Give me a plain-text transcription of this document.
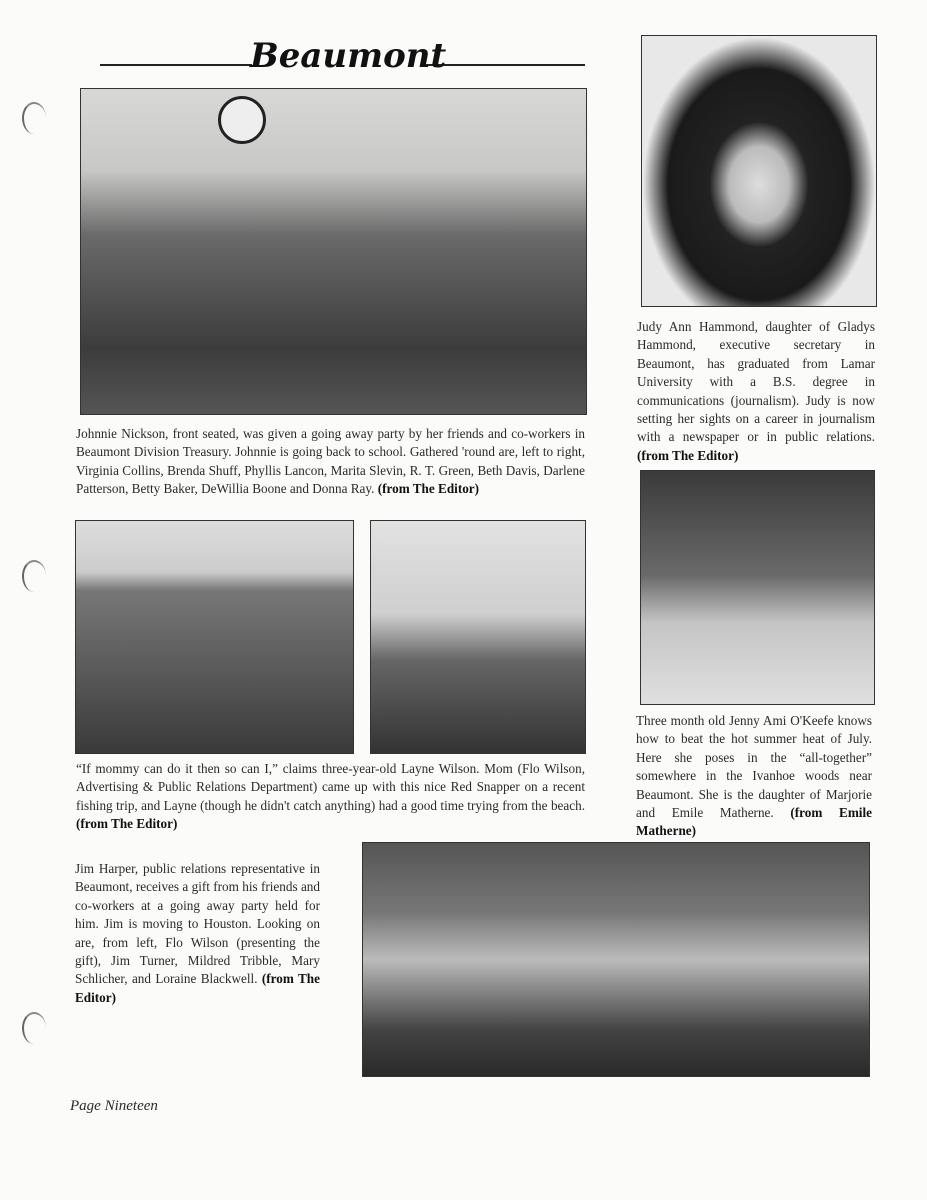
Beaumont
Johnnie Nickson, front seated, was given a going away party by her friends and co-workers in Beaumont Division Treasury. Johnnie is going back to school. Gathered 'round are, left to right, Virginia Collins, Brenda Shuff, Phyllis Lancon, Marita Slevin, R. T. Green, Beth Davis, Darlene Patterson, Betty Baker, DeWillia Boone and Donna Ray. (from The Editor)
“If mommy can do it then so can I,” claims three-year-old Layne Wilson. Mom (Flo Wilson, Advertising & Public Relations Department) came up with this nice Red Snapper on a recent fishing trip, and Layne (though he didn't catch anything) had a good time trying from the beach. (from The Editor)
Jim Harper, public relations representative in Beaumont, receives a gift from his friends and co-workers at a going away party held for him. Jim is moving to Houston. Looking on are, from left, Flo Wilson (presenting the gift), Jim Turner, Mildred Tribble, Mary Schlicher, and Loraine Blackwell. (from The Editor)
Judy Ann Hammond, daughter of Gladys Hammond, executive secretary in Beaumont, has graduated from Lamar University with a B.S. degree in communications (journalism). Judy is now setting her sights on a career in journalism with a newspaper or in public relations. (from The Editor)
Three month old Jenny Ami O'Keefe knows how to beat the hot summer heat of July. Here she poses in the “all-together” somewhere in the Ivanhoe woods near Beaumont. She is the daughter of Marjorie and Emile Matherne. (from Emile Matherne)
Page Nineteen
